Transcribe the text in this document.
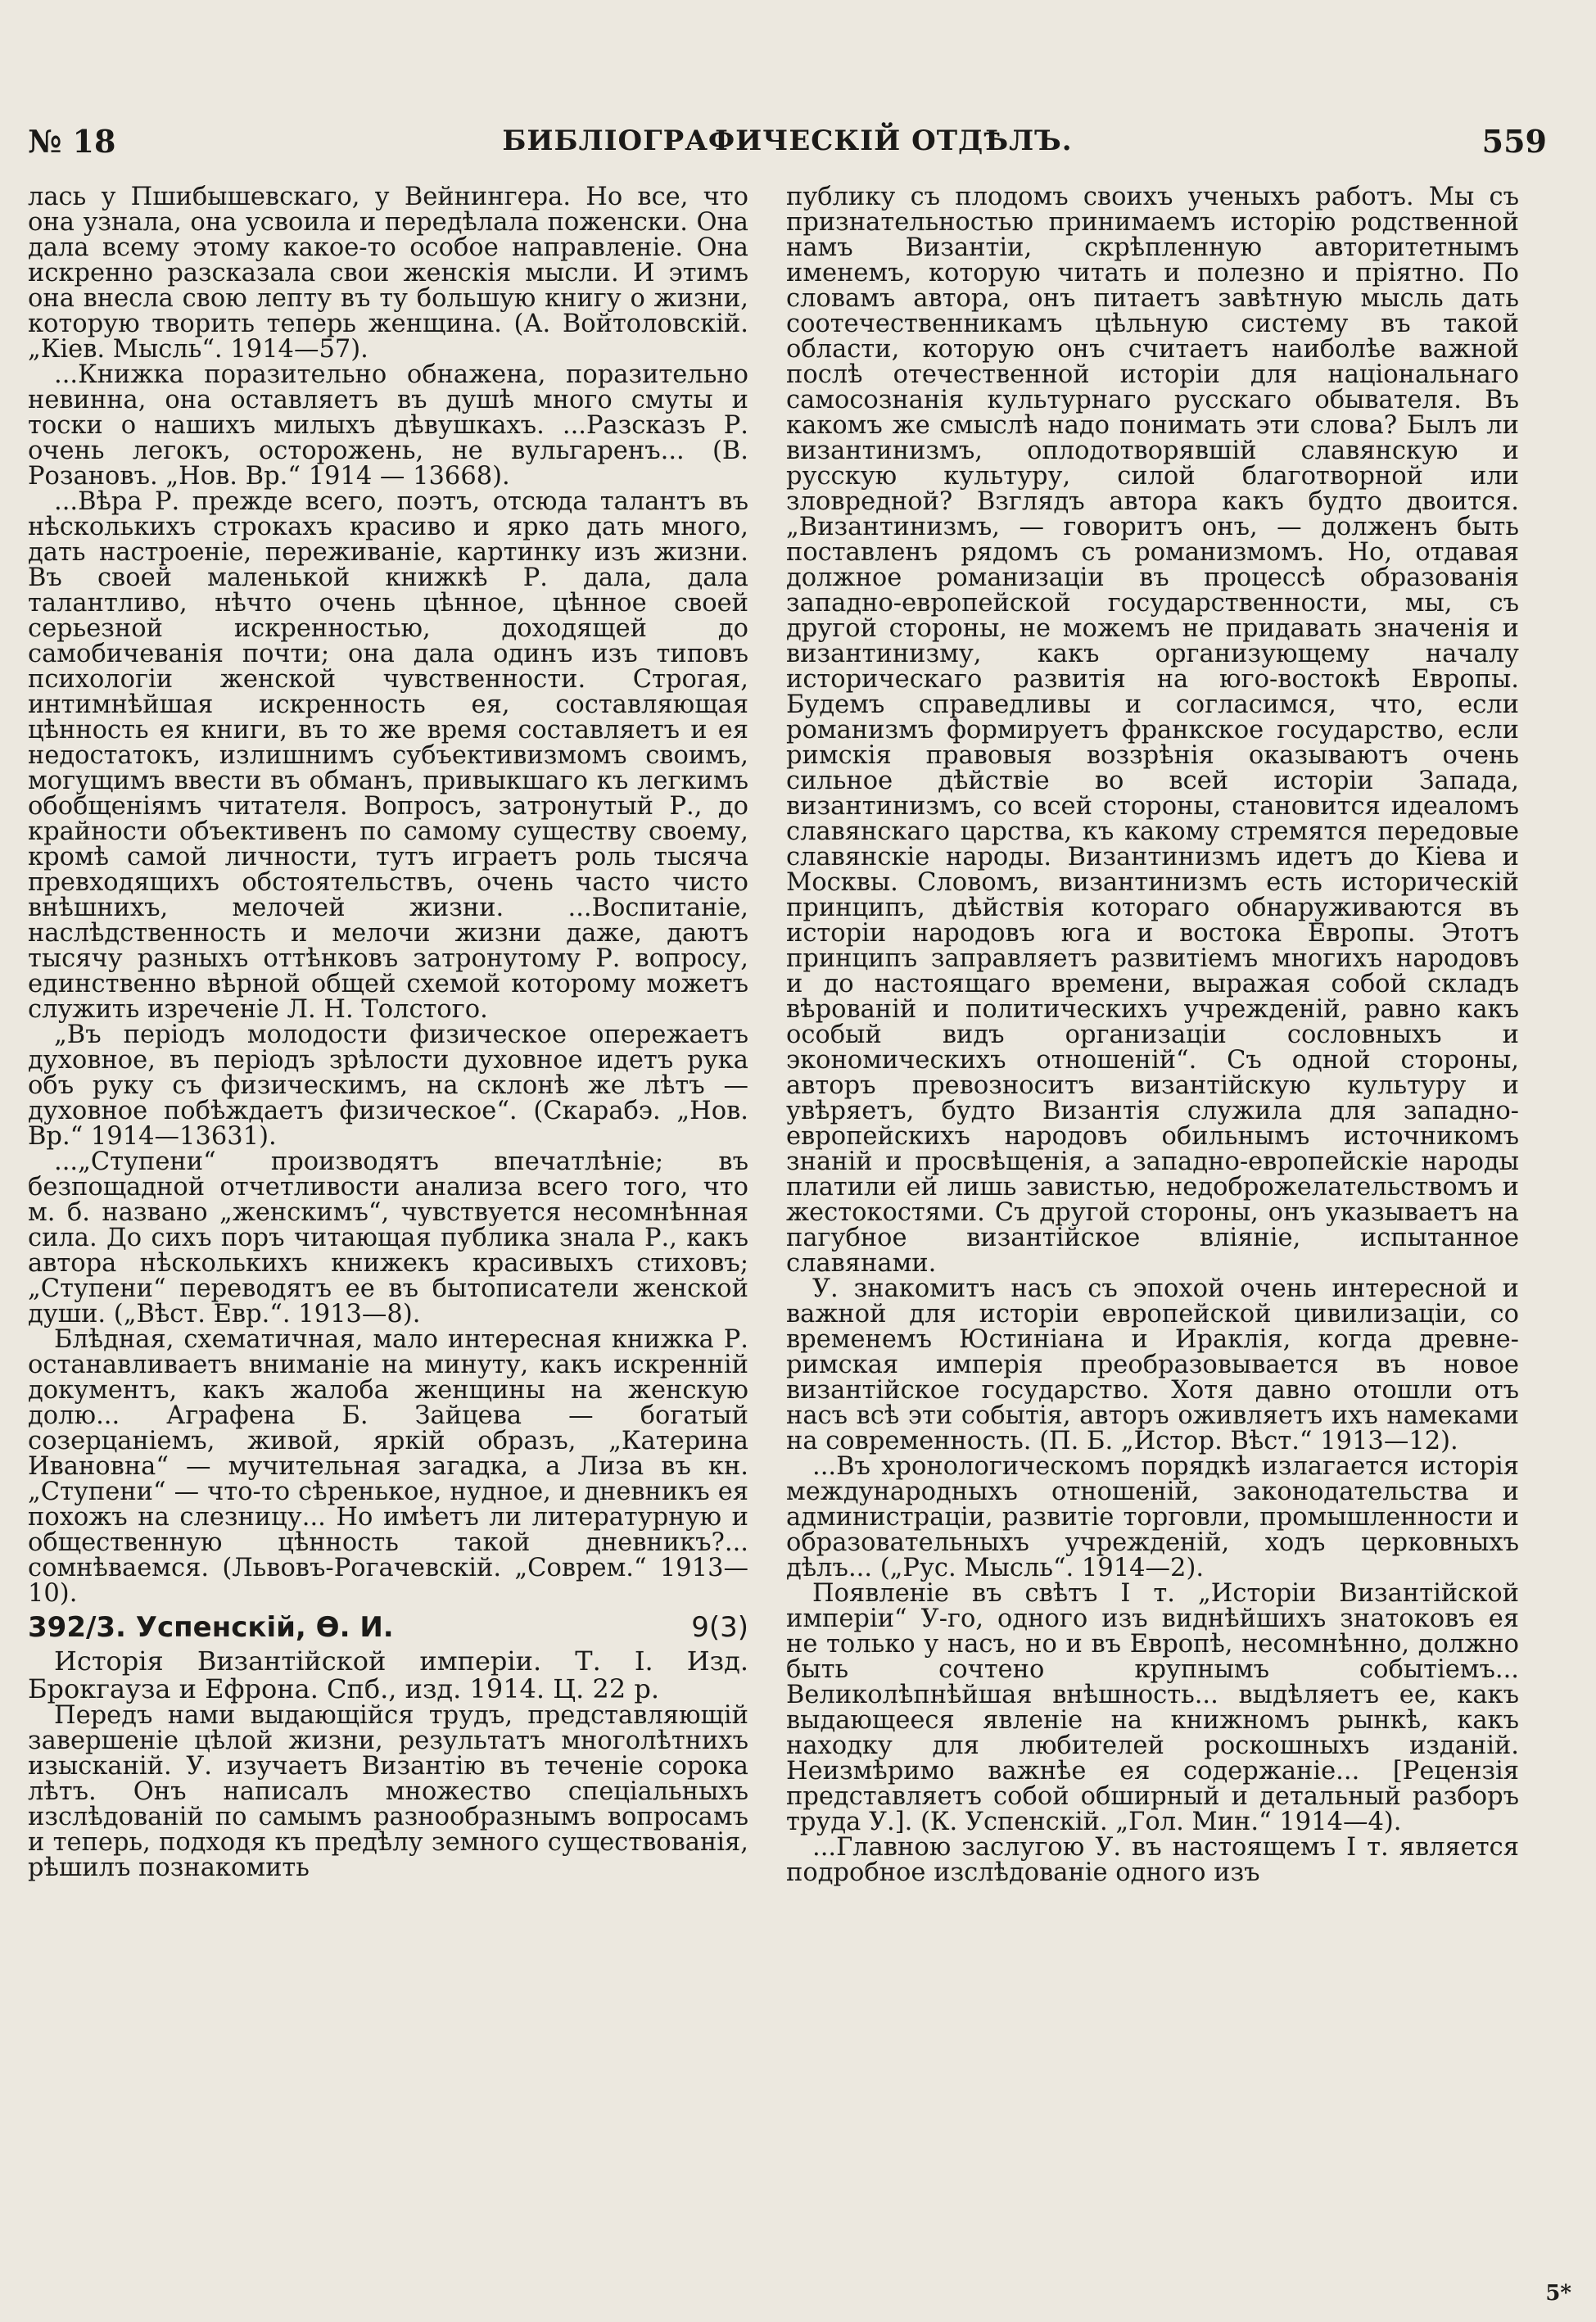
№ 18	БИБЛІОГРАФИЧЕСКІЙ ОТДѢЛЪ.	559

лась у Пшибышевскаго, у Вейнингера. Но все, что она узнала, она усвоила и передѣлала поженски. Она дала всему этому какое-то особое направленіе. Она искренно разсказала свои женскія мысли. И этимъ она внесла свою лепту въ ту большую книгу о жизни, которую творить теперь женщина. (А. Войтоловскій. „Кіев. Мысль“. 1914—57).

...Книжка поразительно обнажена, поразительно невинна, она оставляетъ въ душѣ много смуты и тоски о нашихъ милыхъ дѣвушкахъ. ...Разсказъ Р. очень легокъ, осторожень, не вульгаренъ... (В. Розановъ. „Нов. Вр.“ 1914 — 13668).

...Вѣра Р. прежде всего, поэтъ, отсюда талантъ въ нѣсколькихъ строкахъ красиво и ярко дать много, дать настроеніе, переживаніе, картинку изъ жизни. Въ своей маленькой книжкѣ Р. дала, дала талантливо, нѣчто очень цѣнное, цѣнное своей серьезной искренностью, доходящей до самобичеванія почти; она дала одинъ изъ типовъ психологіи женской чувственности. Строгая, интимнѣйшая искренность ея, составляющая цѣнность ея книги, въ то же время составляетъ и ея недостатокъ, излишнимъ субъективизмомъ своимъ, могущимъ ввести въ обманъ, привыкшаго къ легкимъ обобщеніямъ читателя. Вопросъ, затронутый Р., до крайности объективенъ по самому существу своему, кромѣ самой личности, тутъ играетъ роль тысяча превходящихъ обстоятельствъ, очень часто чисто внѣшнихъ, мелочей жизни. ...Воспитаніе, наслѣдственность и мелочи жизни даже, даютъ тысячу разныхъ оттѣнковъ затронутому Р. вопросу, единственно вѣрной общей схемой которому можетъ служить изреченіе Л. Н. Толстого.

„Въ періодъ молодости физическое опережаетъ духовное, въ періодъ зрѣлости духовное идетъ рука объ руку съ физическимъ, на склонѣ же лѣтъ — духовное побѣждаетъ физическое“. (Скарабэ. „Нов. Вр.“ 1914—13631).

...„Ступени“ производятъ впечатлѣніе; въ безпощадной отчетливости анализа всего того, что м. б. названо „женскимъ“, чувствуется несомнѣнная сила. До сихъ поръ читающая публика знала Р., какъ автора нѣсколькихъ книжекъ красивыхъ стиховъ; „Ступени“ переводятъ ее въ бытописатели женской души. („Вѣст. Евр.“. 1913—8).

Блѣдная, схематичная, мало интересная книжка Р. останавливаетъ вниманіе на минуту, какъ искренній документъ, какъ жалоба женщины на женскую долю... Аграфена Б. Зайцева — богатый созерцаніемъ, живой, яркій образъ, „Катерина Ивановна“ — мучительная загадка, а Лиза въ кн. „Ступени“ — что-то сѣренькое, нудное, и дневникъ ея похожъ на слезницу... Но имѣетъ ли литературную и общественную цѣнность такой дневникъ?... сомнѣваемся. (Львовъ-Рогачевскій. „Соврем.“ 1913—10).

392/3. Успенскій, Ѳ. И.	9(3)

Исторія Византійской имперіи. Т. I. Изд. Брокгауза и Ефрона. Спб., изд. 1914. Ц. 22 р.

Передъ нами выдающійся трудъ, представляющій завершеніе цѣлой жизни, результатъ многолѣтнихъ изысканій. У. изучаетъ Византію въ теченіе сорока лѣтъ. Онъ написалъ множество спеціальныхъ изслѣдованій по самымъ разнообразнымъ вопросамъ и теперь, подходя къ предѣлу земного существованія, рѣшилъ познакомить

публику съ плодомъ своихъ ученыхъ работъ. Мы съ признательностью принимаемъ исторію родственной намъ Византіи, скрѣпленную авторитетнымъ именемъ, которую читать и полезно и пріятно. По словамъ автора, онъ питаетъ завѣтную мысль дать соотечественникамъ цѣльную систему въ такой области, которую онъ считаетъ наиболѣе важной послѣ отечественной исторіи для національнаго самосознанія культурнаго русскаго обывателя. Въ какомъ же смыслѣ надо понимать эти слова? Былъ ли византинизмъ, оплодотворявшій славянскую и русскую культуру, силой благотворной или зловредной? Взглядъ автора какъ будто двоится. „Византинизмъ, — говоритъ онъ, — долженъ быть поставленъ рядомъ съ романизмомъ. Но, отдавая должное романизаціи въ процессѣ образованія западно-европейской государственности, мы, съ другой стороны, не можемъ не придавать значенія и византинизму, какъ организующему началу историческаго развитія на юго-востокѣ Европы. Будемъ справедливы и согласимся, что, если романизмъ формируетъ франкское государство, если римскія правовыя воззрѣнія оказываютъ очень сильное дѣйствіе во всей исторіи Запада, византинизмъ, со всей стороны, становится идеаломъ славянскаго царства, къ какому стремятся передовые славянскіе народы. Византинизмъ идетъ до Кіева и Москвы. Словомъ, византинизмъ есть историческій принципъ, дѣйствія котораго обнаруживаются въ исторіи народовъ юга и востока Европы. Этотъ принципъ заправляетъ развитіемъ многихъ народовъ и до настоящаго времени, выражая собой складъ вѣрованій и политическихъ учрежденій, равно какъ особый видъ организаціи сословныхъ и экономическихъ отношеній“. Съ одной стороны, авторъ превозноситъ византійскую культуру и увѣряетъ, будто Византія служила для западно-европейскихъ народовъ обильнымъ источникомъ знаній и просвѣщенія, а западно-европейскіе народы платили ей лишь завистью, недоброжелательствомъ и жестокостями. Съ другой стороны, онъ указываетъ на пагубное византійское вліяніе, испытанное славянами.

У. знакомитъ насъ съ эпохой очень интересной и важной для исторіи европейской цивилизаціи, со временемъ Юстиніана и Ираклія, когда древне-римская имперія преобразовывается въ новое византійское государство. Хотя давно отошли отъ насъ всѣ эти событія, авторъ оживляетъ ихъ намеками на современность. (П. Б. „Истор. Вѣст.“ 1913—12).

...Въ хронологическомъ порядкѣ излагается исторія международныхъ отношеній, законодательства и администраціи, развитіе торговли, промышленности и образовательныхъ учрежденій, ходъ церковныхъ дѣлъ... („Рус. Мысль“. 1914—2).

Появленіе въ свѣтъ I т. „Исторіи Византійской имперіи“ У-го, одного изъ виднѣйшихъ знатоковъ ея не только у насъ, но и въ Европѣ, несомнѣнно, должно быть сочтено крупнымъ событіемъ... Великолѣпнѣйшая внѣшность... выдѣляетъ ее, какъ выдающееся явленіе на книжномъ рынкѣ, какъ находку для любителей роскошныхъ изданій. Неизмѣримо важнѣе ея содержаніе... [Рецензія представляетъ собой обширный и детальный разборъ труда У.]. (К. Успенскій. „Гол. Мин.“ 1914—4).

...Главною заслугою У. въ настоящемъ I т. является подробное изслѣдованіе одного изъ

5*
